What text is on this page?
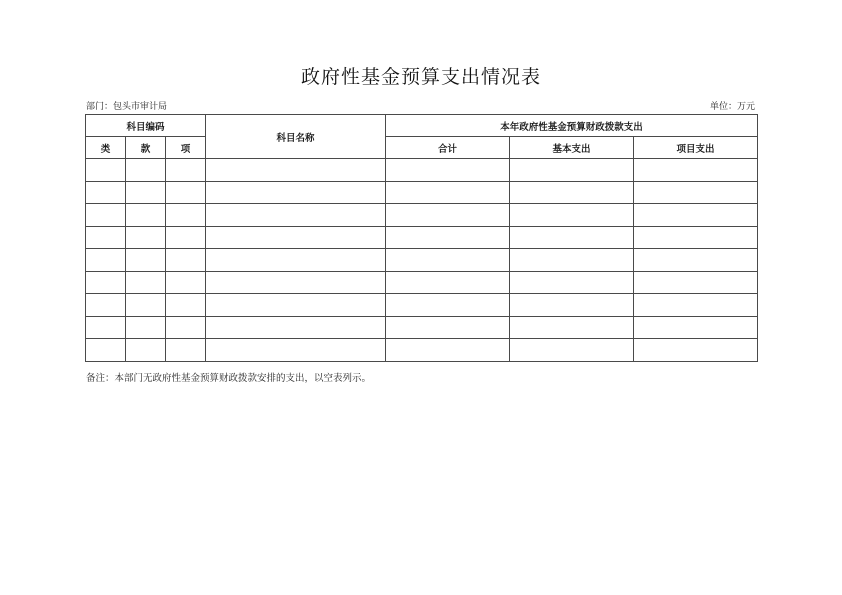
政府性基金预算支出情况表
部门：包头市审计局	单位：万元
科目编码			科目名称	本年政府性基金预算财政拨款支出		
类	款	项		合计	基本支出	项目支出

备注：本部门无政府性基金预算财政拨款安排的支出，以空表列示。
